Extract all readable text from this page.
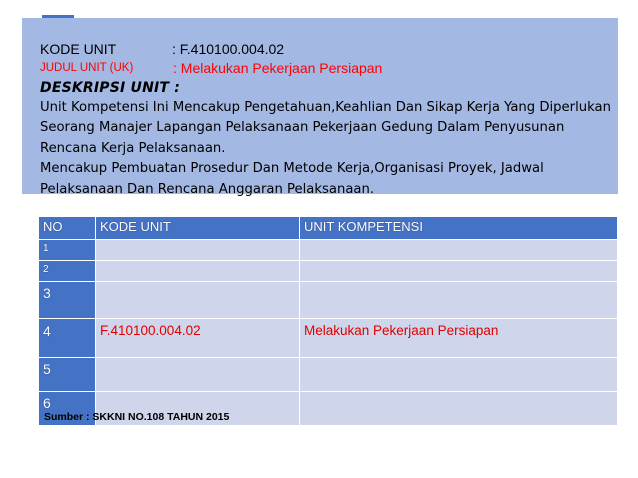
KODE UNIT	: F.410100.004.02
JUDUL UNIT (UK)	: Melakukan Pekerjaan Persiapan
DESKRIPSI UNIT :

Unit Kompetensi Ini Mencakup Pengetahuan,Keahlian Dan Sikap Kerja Yang Diperlukan Seorang Manajer Lapangan Pelaksanaan Pekerjaan Gedung Dalam Penyusunan Rencana Kerja Pelaksanaan.

Mencakup Pembuatan Prosedur Dan Metode Kerja,Organisasi Proyek, Jadwal Pelaksanaan Dan Rencana Anggaran Pelaksanaan.

NO	KODE UNIT	UNIT KOMPETENSI
1		
2		
3		
4	F.410100.004.02	Melakukan Pekerjaan Persiapan
5		
6		
Sumber : SKKNI NO.108 TAHUN 2015
